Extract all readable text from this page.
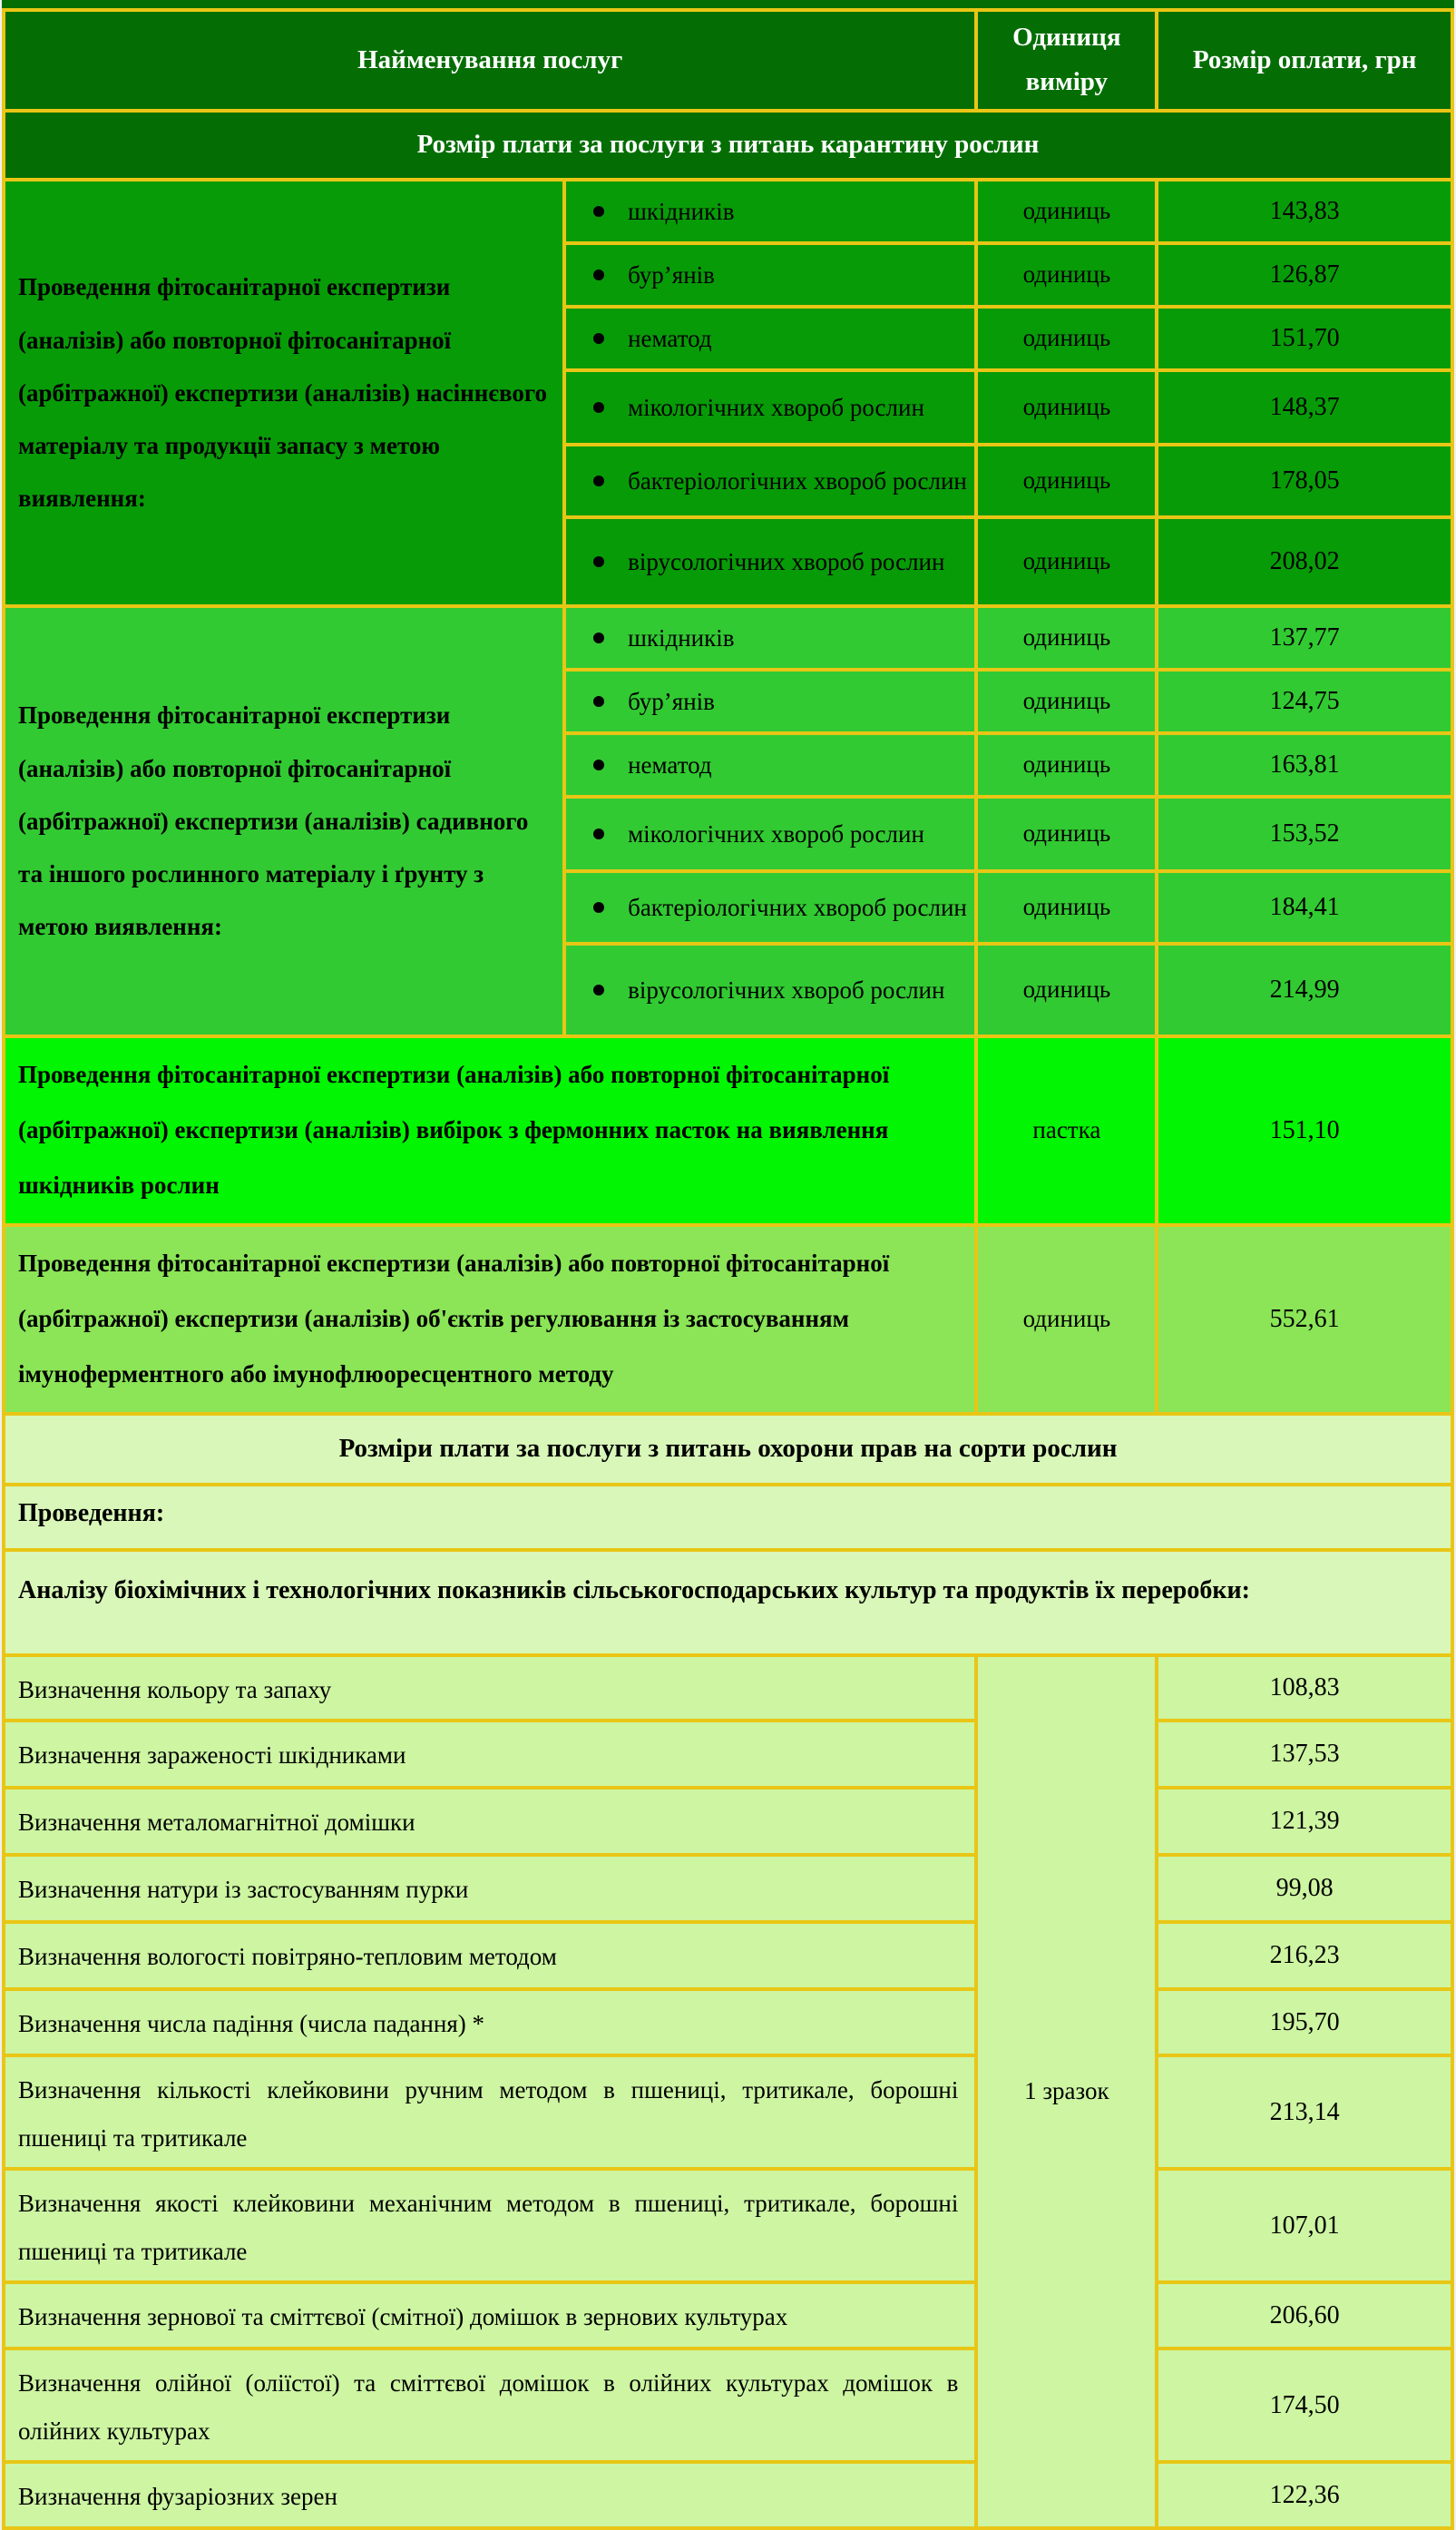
Найменування послуг		Одиниця виміру	Розмір оплати, грн
Розмір плати за послуги з питань карантину рослин			
Проведення фітосанітарної експертизи (аналізів) або повторної фітосанітарної (арбітражної) експертизи (аналізів) насіннєвого матеріалу та продукції запасу з метою виявлення:	шкідників	одиниць	143,83

	бур’янів	одиниць	126,87

	нематод	одиниць	151,70

	мікологічних хвороб рослин	одиниць	148,37

	бактеріологічних хвороб рослин	одиниць	178,05

	вірусологічних хвороб рослин	одиниць	208,02
Проведення фітосанітарної експертизи (аналізів) або повторної фітосанітарної (арбітражної) експертизи (аналізів) садивного та іншого рослинного матеріалу і ґрунту з метою виявлення:	шкідників	одиниць	137,77

	бур’янів	одиниць	124,75

	нематод	одиниць	163,81

	мікологічних хвороб рослин	одиниць	153,52

	бактеріологічних хвороб рослин	одиниць	184,41

	вірусологічних хвороб рослин	одиниць	214,99
Проведення фітосанітарної експертизи (аналізів) або повторної фітосанітарної (арбітражної) експертизи (аналізів) вибірок з фермонних пасток на виявлення шкідників рослин		пастка	151,10
Проведення фітосанітарної експертизи (аналізів) або повторної фітосанітарної (арбітражної) експертизи (аналізів) об'єктів регулювання із застосуванням імуноферментного або імунофлюоресцентного методу		одиниць	552,61
Розміри плати за послуги з питань охорони прав на сорти рослин			
Проведення:			
Аналізу біохімічних і технологічних показників сільськогосподарських культур та продуктів їх переробки:			
Визначення кольору та запаху		1 зразок	108,83
Визначення зараженості шкідниками			137,53
Визначення металомагнітної домішки			121,39
Визначення натури із застосуванням пурки			99,08
Визначення вологості повітряно-тепловим методом			216,23
Визначення числа падіння (числа падання) *			195,70
Визначення кількості клейковини ручним методом в пшениці, тритикале, борошні пшениці та тритикале			213,14
Визначення якості клейковини механічним методом в пшениці, тритикале, борошні пшениці та тритикале			107,01
Визначення зернової та сміттєвої (смітної) домішок в зернових культурах			206,60
Визначення олійної (оліїстої) та сміттєвої домішок в олійних культурах домішок в олійних культурах			174,50
Визначення фузаріозних зерен			122,36
